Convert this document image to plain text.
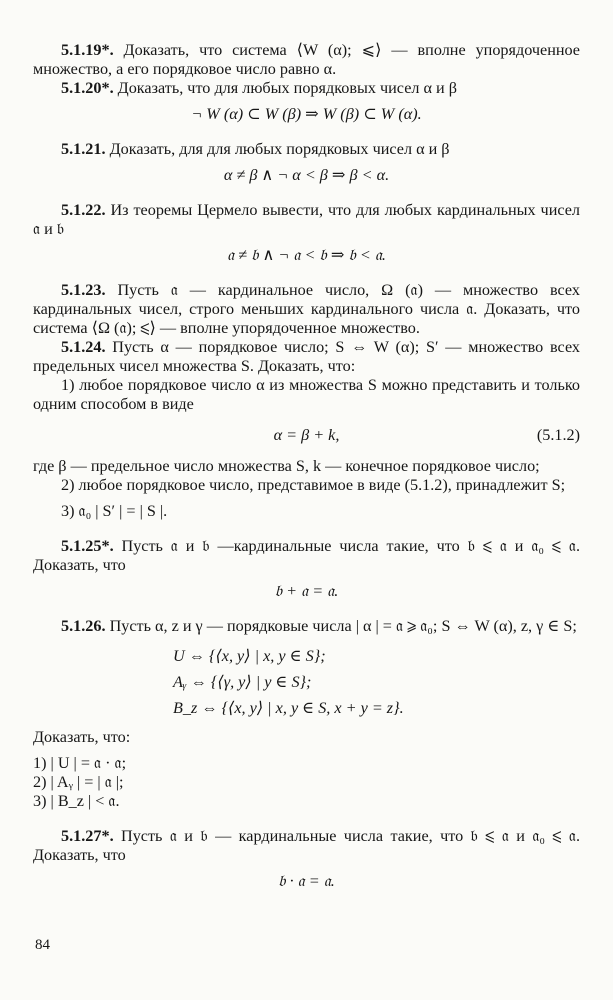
5.1.19*. Доказать, что система ⟨W (α); ⩽⟩ — вполне упорядоченное множество, а его порядковое число равно α.

5.1.20*. Доказать, что для любых порядковых чисел α и β

¬ W (α) ⊂ W (β) ⇒ W (β) ⊂ W (α).

5.1.21. Доказать, для для любых порядковых чисел α и β

α ≠ β ∧ ¬ α < β ⇒ β < α.

5.1.22. Из теоремы Цермело вывести, что для любых кардинальных чисел 𝔞 и 𝔟

𝔞 ≠ 𝔟 ∧ ¬ 𝔞 < 𝔟 ⇒ 𝔟 < 𝔞.

5.1.23. Пусть 𝔞 — кардинальное число, Ω (𝔞) — множество всех кардинальных чисел, строго меньших кардинального числа 𝔞. Доказать, что система ⟨Ω (𝔞); ⩽⟩ — вполне упорядоченное множество.

5.1.24. Пусть α — порядковое число; S ⇔ W (α); S′ — множество всех предельных чисел множества S. Доказать, что:

1) любое порядковое число α из множества S можно представить и только одним способом в виде

α = β + k,	(5.1.2)

где β — предельное число множества S, k — конечное порядковое число;

2) любое порядковое число, представимое в виде (5.1.2), принадлежит S;

3) 𝔞₀ | S′ | = | S |.

5.1.25*. Пусть 𝔞 и 𝔟 —кардинальные числа такие, что 𝔟 ⩽ 𝔞 и 𝔞₀ ⩽ 𝔞. Доказать, что

𝔟 + 𝔞 = 𝔞.

5.1.26. Пусть α, z и γ — порядковые числа | α | = 𝔞 ⩾ 𝔞₀; S ⇔ W (α), z, γ ∈ S;

U ⇔ {⟨x, y⟩ | x, y ∈ S};

Aᵧ ⇔ {⟨γ, y⟩ | y ∈ S};

B_z ⇔ {⟨x, y⟩ | x, y ∈ S, x + y = z}.

Доказать, что:

1) | U | = 𝔞 · 𝔞;

2) | Aᵧ | = | 𝔞 |;

3) | B_z | < 𝔞.

5.1.27*. Пусть 𝔞 и 𝔟 — кардинальные числа такие, что 𝔟 ⩽ 𝔞 и 𝔞₀ ⩽ 𝔞. Доказать, что

𝔟 · 𝔞 = 𝔞.

84
